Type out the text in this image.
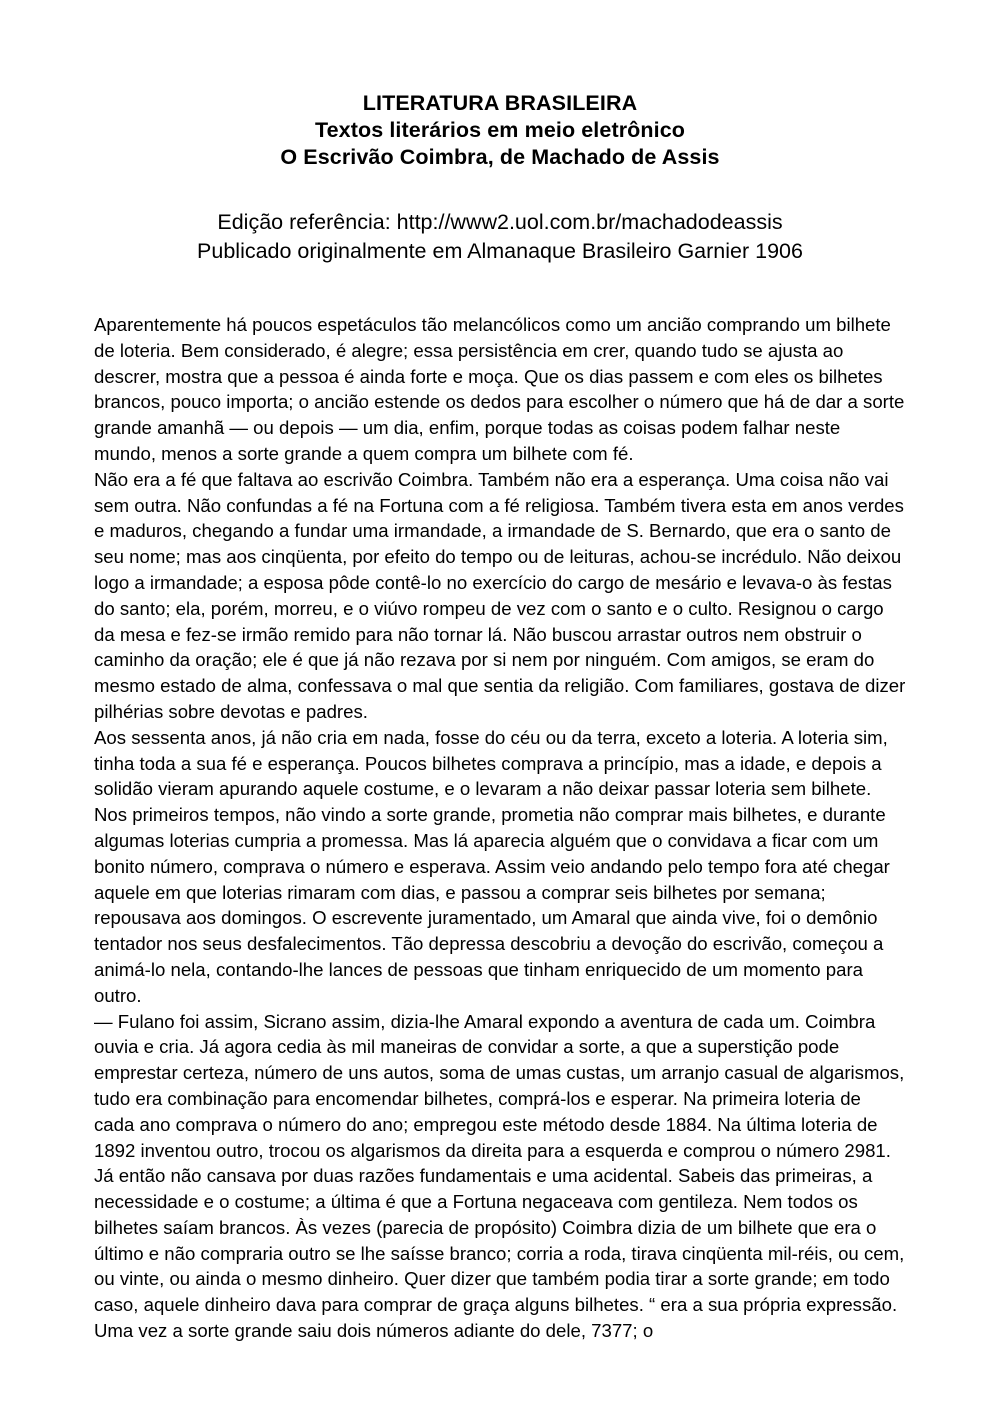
LITERATURA BRASILEIRA
Textos literários em meio eletrônico
O Escrivão Coimbra, de Machado de Assis
Edição referência: http://www2.uol.com.br/machadodeassis
Publicado originalmente em Almanaque Brasileiro Garnier 1906

Aparentemente há poucos espetáculos tão melancólicos como um ancião comprando um bilhete de loteria. Bem considerado, é alegre; essa persistência em crer, quando tudo se ajusta ao descrer, mostra que a pessoa é ainda forte e moça. Que os dias passem e com eles os bilhetes brancos, pouco importa; o ancião estende os dedos para escolher o número que há de dar a sorte grande amanhã — ou depois — um dia, enfim, porque todas as coisas podem falhar neste mundo, menos a sorte grande a quem compra um bilhete com fé.

Não era a fé que faltava ao escrivão Coimbra. Também não era a esperança. Uma coisa não vai sem outra. Não confundas a fé na Fortuna com a fé religiosa. Também tivera esta em anos verdes e maduros, chegando a fundar uma irmandade, a irmandade de S. Bernardo, que era o santo de seu nome; mas aos cinqüenta, por efeito do tempo ou de leituras, achou-se incrédulo. Não deixou logo a irmandade; a esposa pôde contê-lo no exercício do cargo de mesário e levava-o às festas do santo; ela, porém, morreu, e o viúvo rompeu de vez com o santo e o culto. Resignou o cargo da mesa e fez-se irmão remido para não tornar lá. Não buscou arrastar outros nem obstruir o caminho da oração; ele é que já não rezava por si nem por ninguém. Com amigos, se eram do mesmo estado de alma, confessava o mal que sentia da religião. Com familiares, gostava de dizer pilhérias sobre devotas e padres.

Aos sessenta anos, já não cria em nada, fosse do céu ou da terra, exceto a loteria. A loteria sim, tinha toda a sua fé e esperança. Poucos bilhetes comprava a princípio, mas a idade, e depois a solidão vieram apurando aquele costume, e o levaram a não deixar passar loteria sem bilhete.

Nos primeiros tempos, não vindo a sorte grande, prometia não comprar mais bilhetes, e durante algumas loterias cumpria a promessa. Mas lá aparecia alguém que o convidava a ficar com um bonito número, comprava o número e esperava. Assim veio andando pelo tempo fora até chegar aquele em que loterias rimaram com dias, e passou a comprar seis bilhetes por semana; repousava aos domingos. O escrevente juramentado, um Amaral que ainda vive, foi o demônio tentador nos seus desfalecimentos. Tão depressa descobriu a devoção do escrivão, começou a animá-lo nela, contando-lhe lances de pessoas que tinham enriquecido de um momento para outro.

— Fulano foi assim, Sicrano assim, dizia-lhe Amaral expondo a aventura de cada um. Coimbra ouvia e cria. Já agora cedia às mil maneiras de convidar a sorte, a que a superstição pode emprestar certeza, número de uns autos, soma de umas custas, um arranjo casual de algarismos, tudo era combinação para encomendar bilhetes, comprá-los e esperar. Na primeira loteria de cada ano comprava o número do ano; empregou este método desde 1884. Na última loteria de 1892 inventou outro, trocou os algarismos da direita para a esquerda e comprou o número 2981. Já então não cansava por duas razões fundamentais e uma acidental. Sabeis das primeiras, a necessidade e o costume; a última é que a Fortuna negaceava com gentileza. Nem todos os bilhetes saíam brancos. Às vezes (parecia de propósito) Coimbra dizia de um bilhete que era o último e não compraria outro se lhe saísse branco; corria a roda, tirava cinqüenta mil-réis, ou cem, ou vinte, ou ainda o mesmo dinheiro. Quer dizer que também podia tirar a sorte grande; em todo caso, aquele dinheiro dava para comprar de graça alguns bilhetes. “ era a sua própria expressão. Uma vez a sorte grande saiu dois números adiante do dele, 7377; o
